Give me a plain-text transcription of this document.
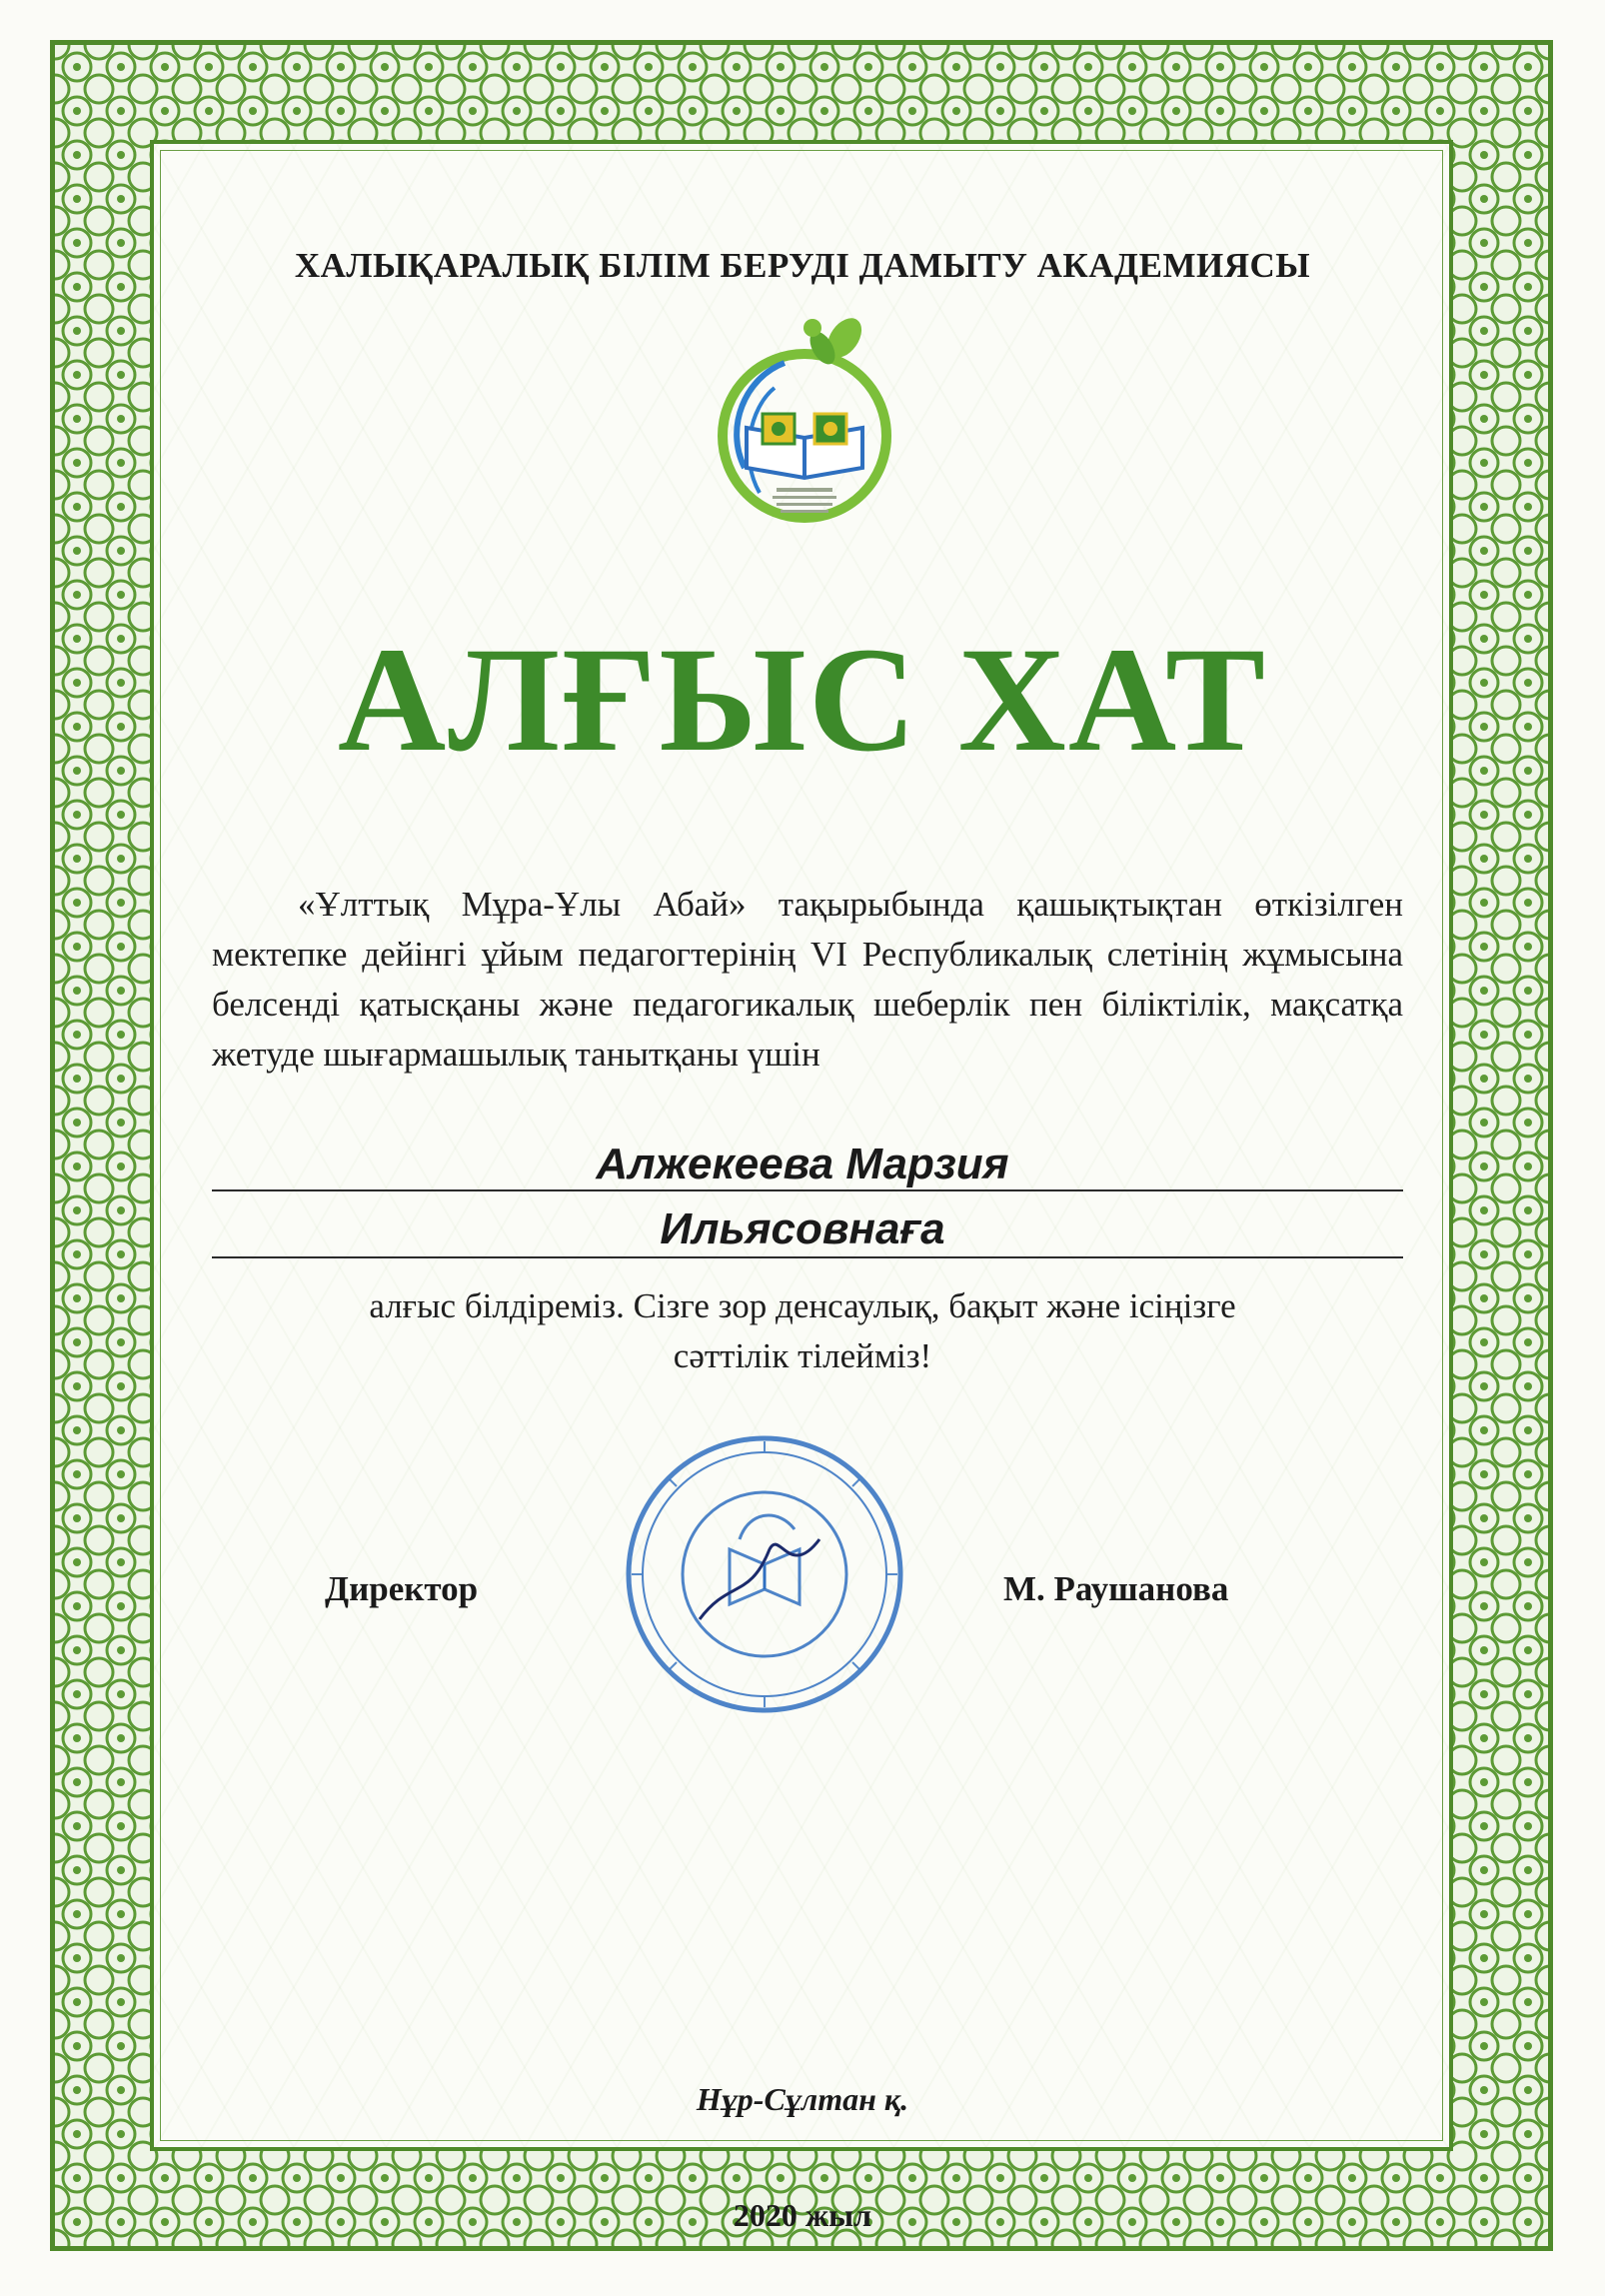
ХАЛЫҚАРАЛЫҚ БІЛІМ БЕРУДІ ДАМЫТУ АКАДЕМИЯСЫ
АЛҒЫС ХАТ
«Ұлттық Мұра-Ұлы Абай» тақырыбында қашықтықтан өткізілген мектепке дейінгі ұйым педагогтерінің VI Республикалық слетінің жұмысына белсенді қатысқаны және педагогикалық шеберлік пен біліктілік, мақсатқа жетуде шығармашылық танытқаны үшін
Алжекеева Марзия
Ильясовнаға
алғыс білдіреміз. Сізге зор денсаулық, бақыт және ісіңізге
сәттілік тілейміз!
Директор	М. Раушанова
Нұр-Сұлтан қ.
2020 жыл
